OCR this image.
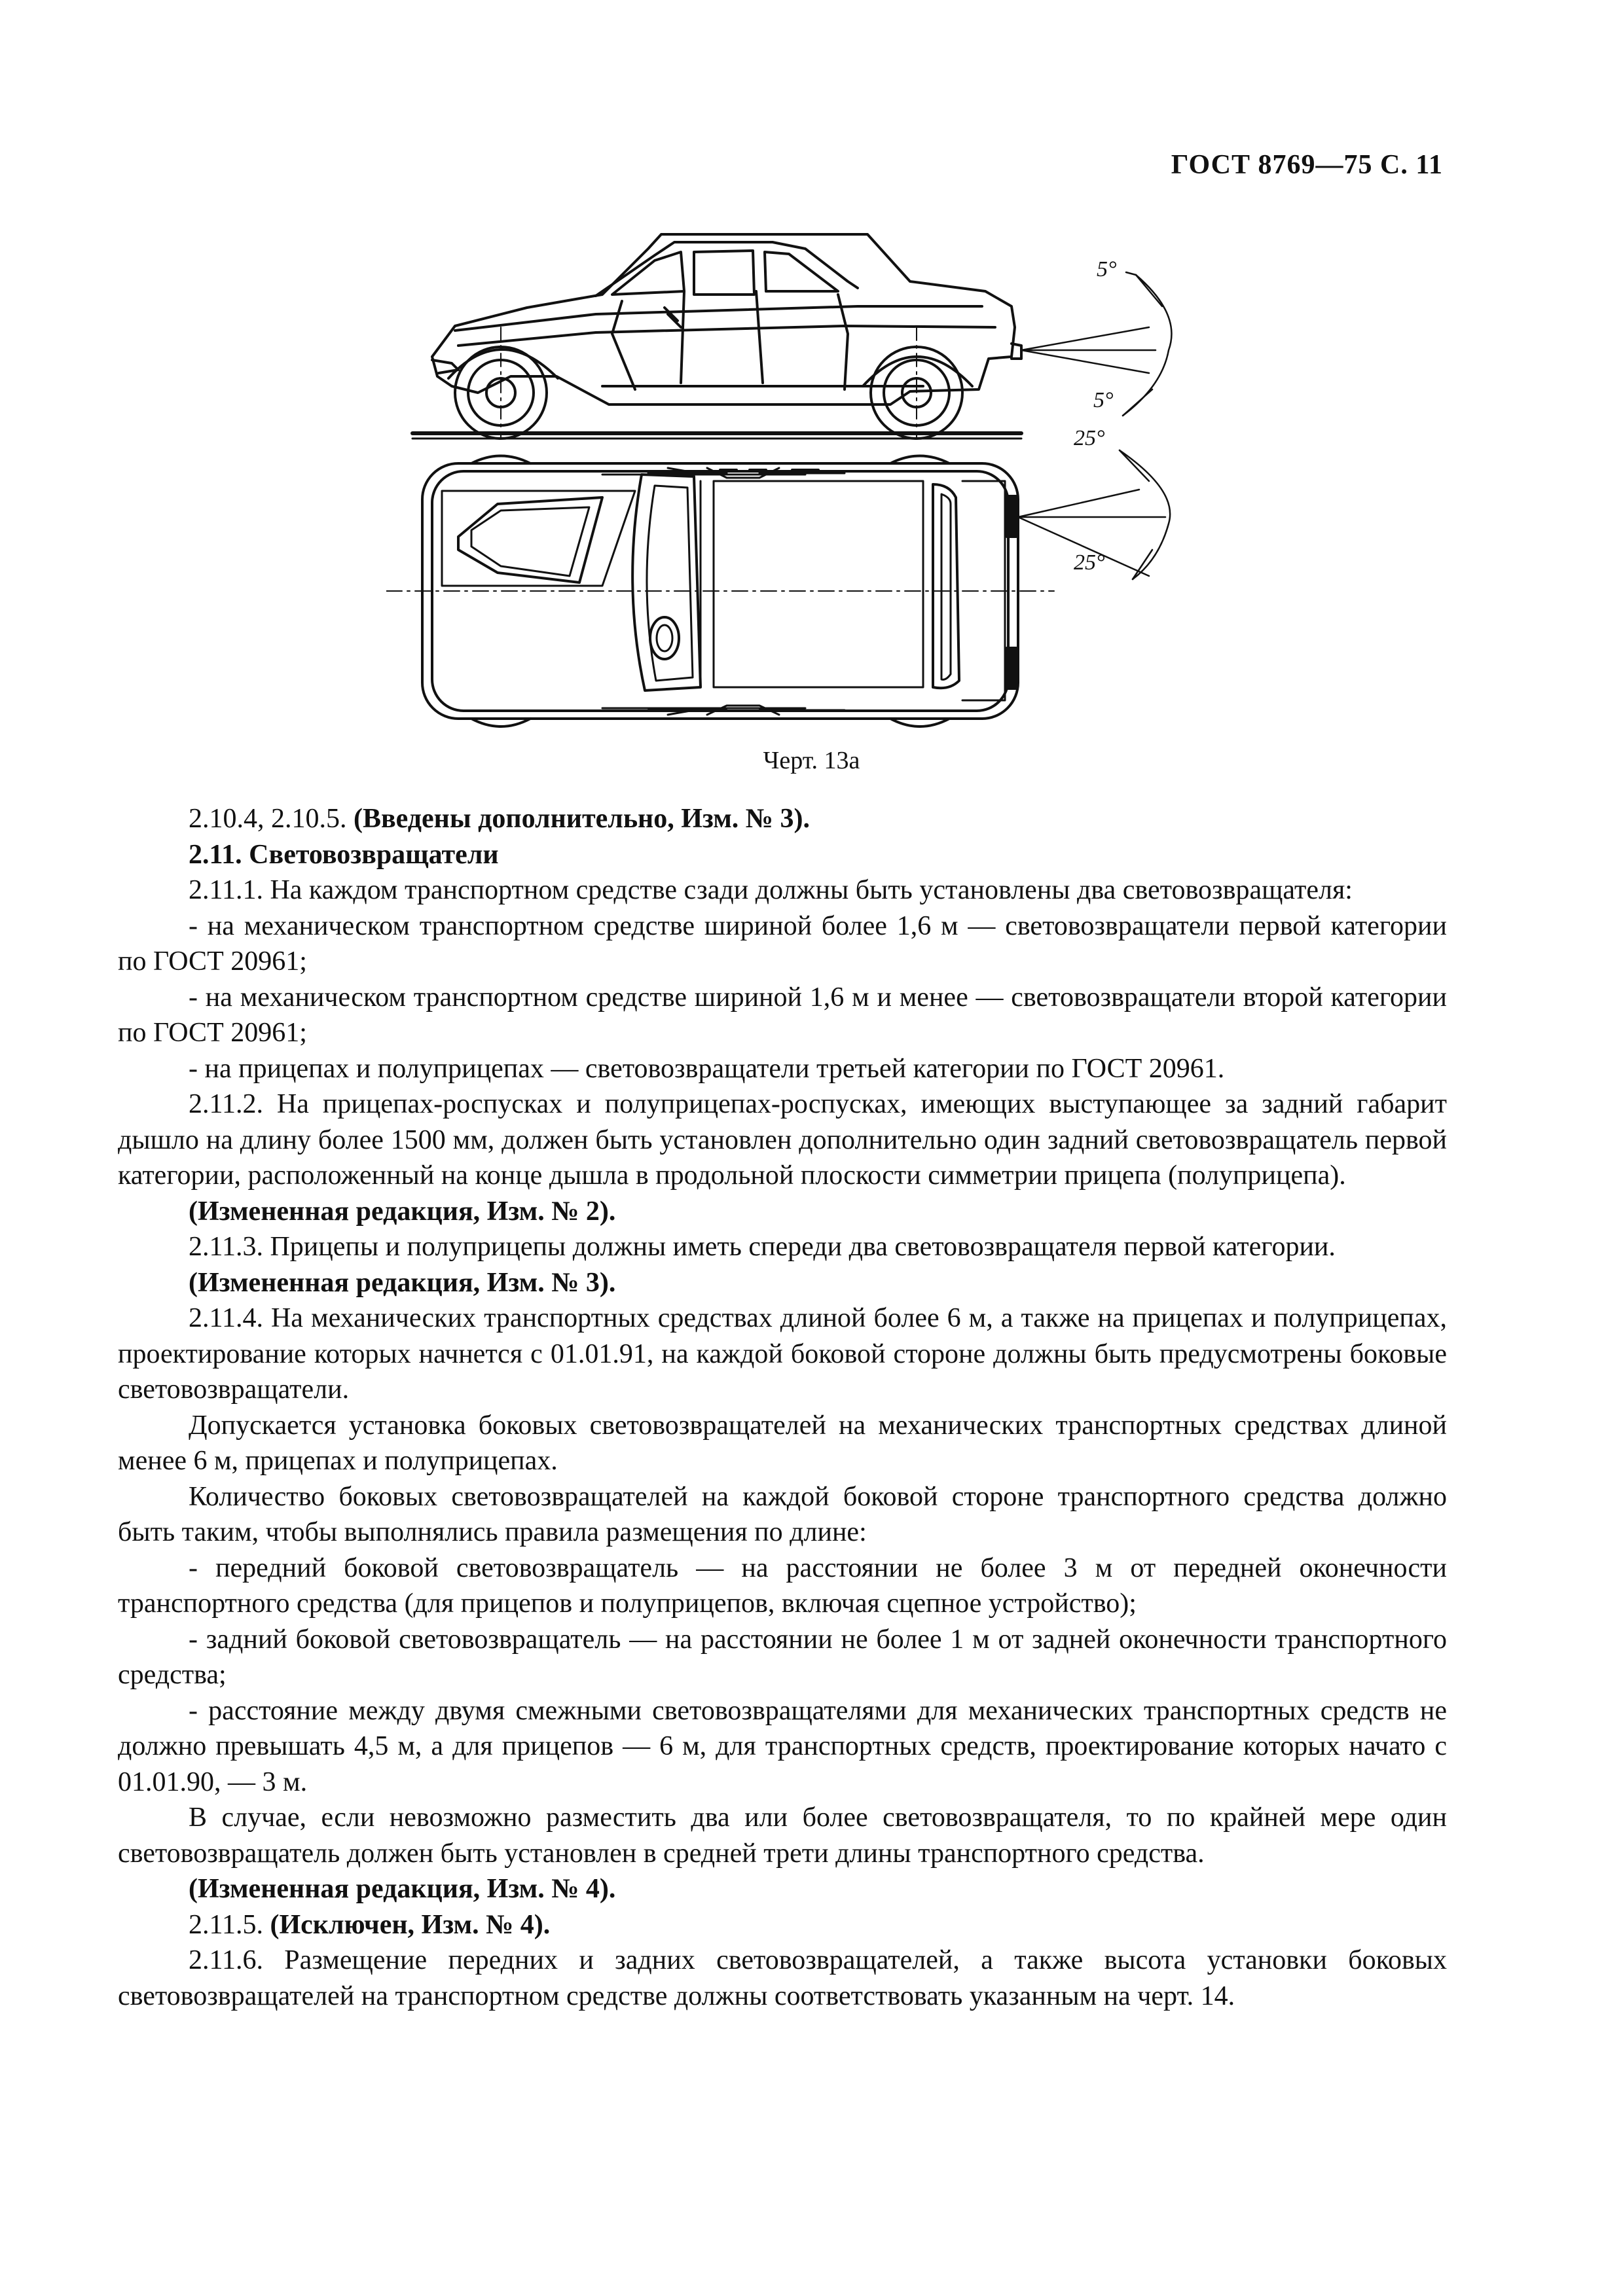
ГОСТ 8769—75 С. 11
5°
5°
25°
25°
Черт. 13а

2.10.4, 2.10.5. (Введены дополнительно, Изм. № 3).

2.11. Световозвращатели

2.11.1. На каждом транспортном средстве сзади должны быть установлены два световозвращателя:

- на механическом транспортном средстве шириной более 1,6 м — световозвращатели первой категории по ГОСТ 20961;

- на механическом транспортном средстве шириной 1,6 м и менее — световозвращатели второй категории по ГОСТ 20961;

- на прицепах и полуприцепах — световозвращатели третьей категории по ГОСТ 20961.

2.11.2. На прицепах-роспусках и полуприцепах-роспусках, имеющих выступающее за задний габарит дышло на длину более 1500 мм, должен быть установлен дополнительно один задний световозвращатель первой категории, расположенный на конце дышла в продольной плоскости симметрии прицепа (полуприцепа).

(Измененная редакция, Изм. № 2).

2.11.3. Прицепы и полуприцепы должны иметь спереди два световозвращателя первой категории.

(Измененная редакция, Изм. № 3).

2.11.4. На механических транспортных средствах длиной более 6 м, а также на прицепах и полуприцепах, проектирование которых начнется с 01.01.91, на каждой боковой стороне должны быть предусмотрены боковые световозвращатели.

Допускается установка боковых световозвращателей на механических транспортных средствах длиной менее 6 м, прицепах и полуприцепах.

Количество боковых световозвращателей на каждой боковой стороне транспортного средства должно быть таким, чтобы выполнялись правила размещения по длине:

- передний боковой световозвращатель — на расстоянии не более 3 м от передней оконечности транспортного средства (для прицепов и полуприцепов, включая сцепное устройство);

- задний боковой световозвращатель — на расстоянии не более 1 м от задней оконечности транспортного средства;

- расстояние между двумя смежными световозвращателями для механических транспортных средств не должно превышать 4,5 м, а для прицепов — 6 м, для транспортных средств, проектирование которых начато с 01.01.90, — 3 м.

В случае, если невозможно разместить два или более световозвращателя, то по крайней мере один световозвращатель должен быть установлен в средней трети длины транспортного средства.

(Измененная редакция, Изм. № 4).

2.11.5. (Исключен, Изм. № 4).

2.11.6. Размещение передних и задних световозвращателей, а также высота установки боковых световозвращателей на транспортном средстве должны соответствовать указанным на черт. 14.
